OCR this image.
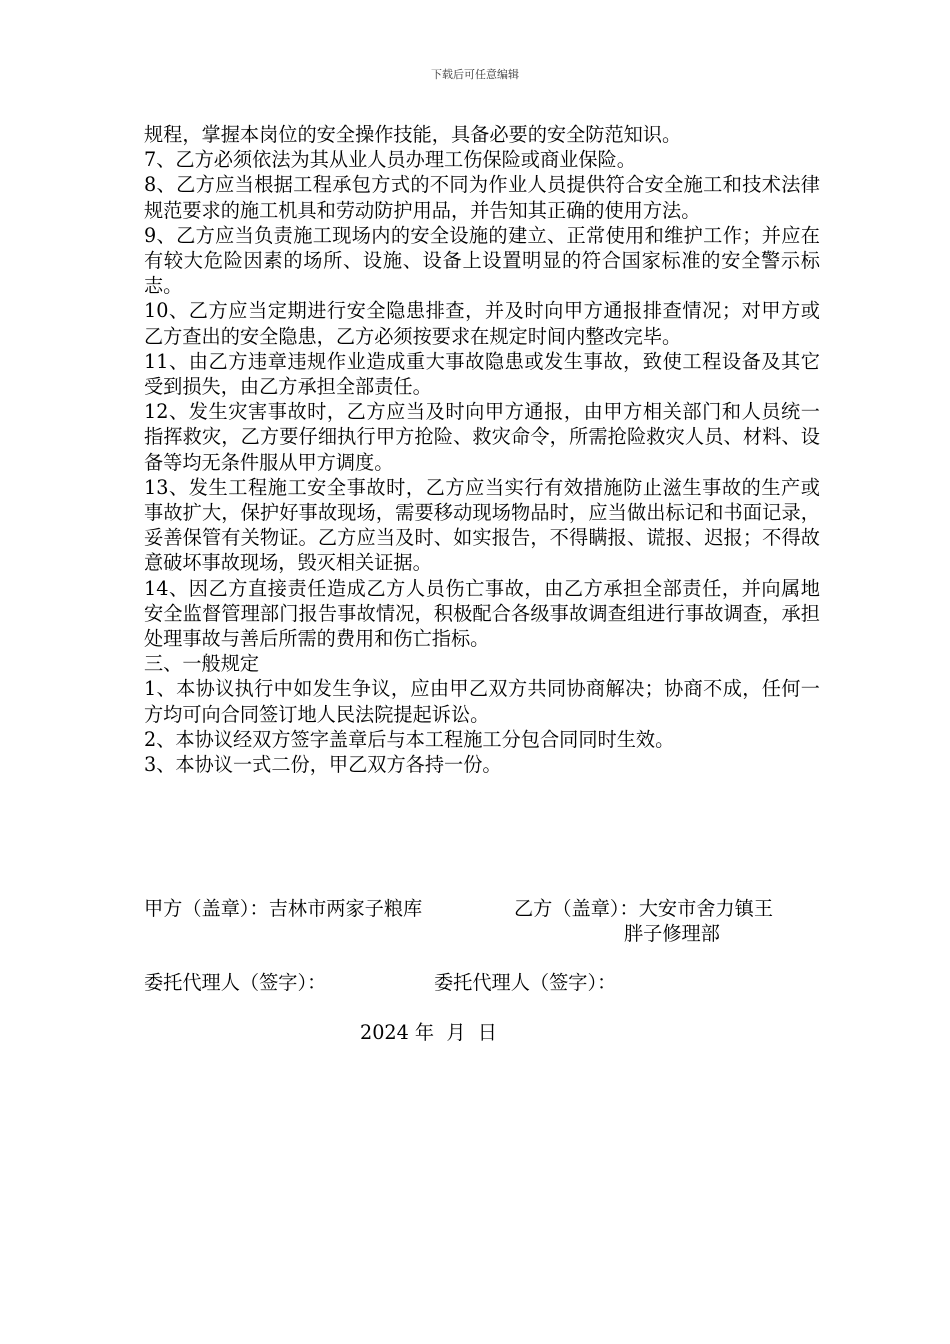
下载后可任意编辑

规程，掌握本岗位的安全操作技能，具备必要的安全防范知识。

7、乙方必须依法为其从业人员办理工伤保险或商业保险。

8、乙方应当根据工程承包方式的不同为作业人员提供符合安全施工和技术法律规范要求的施工机具和劳动防护用品，并告知其正确的使用方法。

9、乙方应当负责施工现场内的安全设施的建立、正常使用和维护工作；并应在有较大危险因素的场所、设施、设备上设置明显的符合国家标准的安全警示标志。

10、乙方应当定期进行安全隐患排查，并及时向甲方通报排查情况；对甲方或乙方查出的安全隐患，乙方必须按要求在规定时间内整改完毕。

11、由乙方违章违规作业造成重大事故隐患或发生事故，致使工程设备及其它受到损失，由乙方承担全部责任。

12、发生灾害事故时，乙方应当及时向甲方通报，由甲方相关部门和人员统一指挥救灾，乙方要仔细执行甲方抢险、救灾命令，所需抢险救灾人员、材料、设备等均无条件服从甲方调度。

13、发生工程施工安全事故时，乙方应当实行有效措施防止滋生事故的生产或事故扩大，保护好事故现场，需要移动现场物品时，应当做出标记和书面记录，妥善保管有关物证。乙方应当及时、如实报告，不得瞒报、谎报、迟报；不得故意破坏事故现场，毁灭相关证据。

14、因乙方直接责任造成乙方人员伤亡事故，由乙方承担全部责任，并向属地安全监督管理部门报告事故情况，积极配合各级事故调查组进行事故调查，承担处理事故与善后所需的费用和伤亡指标。

三、一般规定

1、本协议执行中如发生争议，应由甲乙双方共同协商解决；协商不成，任何一方均可向合同签订地人民法院提起诉讼。

2、本协议经双方签字盖章后与本工程施工分包合同同时生效。

3、本协议一式二份，甲乙双方各持一份。

甲方（盖章）：吉林市两家子粮库	乙方（盖章）：大安市舍力镇王
胖子修理部
委托代理人（签字）：	委托代理人（签字）：
2024 年  月  日
